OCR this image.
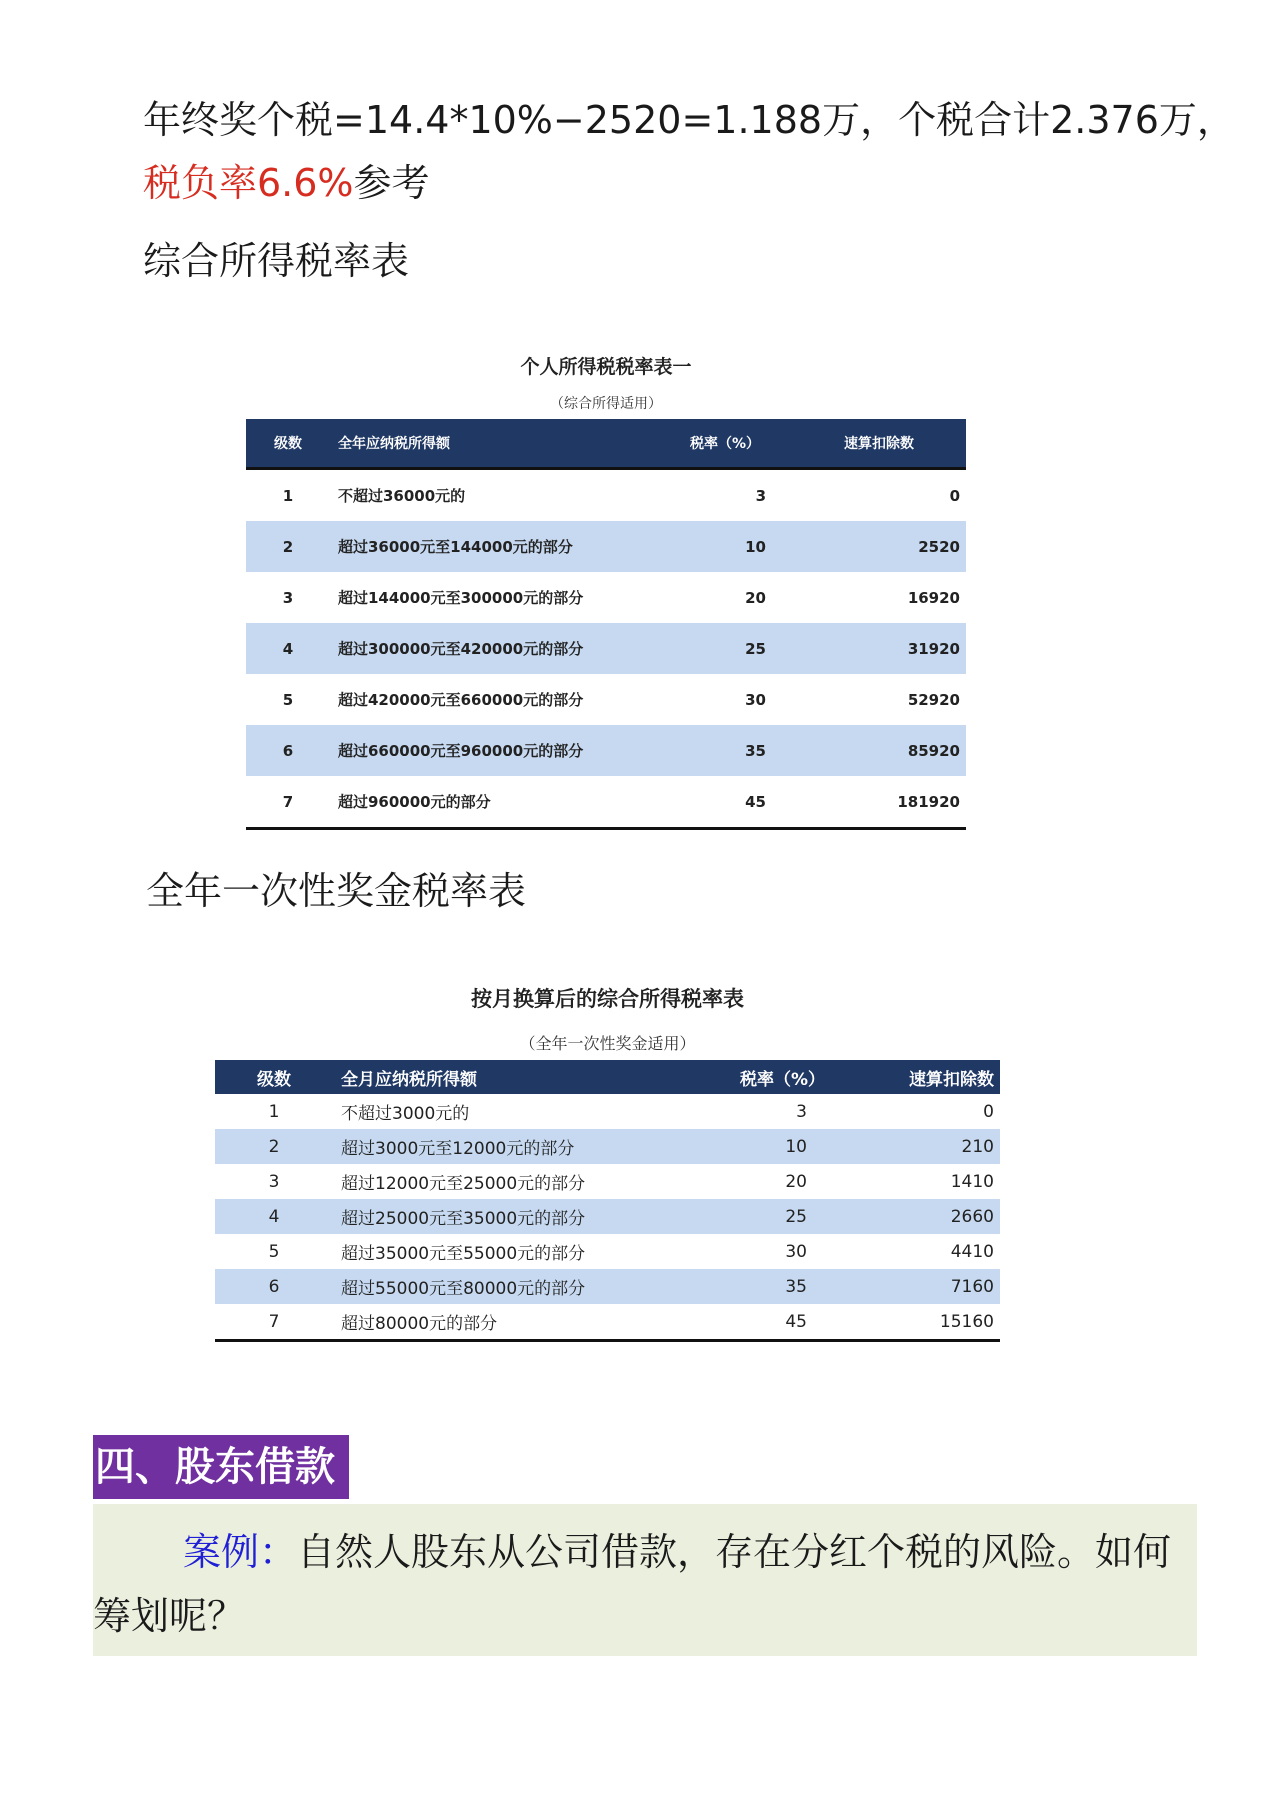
年终奖个税=14.4*10%−2520=1.188万，个税合计2.376万，
税负率6.6%参考
综合所得税率表
个人所得税税率表一
（综合所得适用）
级数	全年应纳税所得额	税率（%）	速算扣除数
1	不超过36000元的	3	0
2	超过36000元至144000元的部分	10	2520
3	超过144000元至300000元的部分	20	16920
4	超过300000元至420000元的部分	25	31920
5	超过420000元至660000元的部分	30	52920
6	超过660000元至960000元的部分	35	85920
7	超过960000元的部分	45	181920
全年一次性奖金税率表
按月换算后的综合所得税率表
（全年一次性奖金适用）
级数	全月应纳税所得额	税率（%）	速算扣除数
1	不超过3000元的	3	0
2	超过3000元至12000元的部分	10	210
3	超过12000元至25000元的部分	20	1410
4	超过25000元至35000元的部分	25	2660
5	超过35000元至55000元的部分	30	4410
6	超过55000元至80000元的部分	35	7160
7	超过80000元的部分	45	15160
四、股东借款
案例：自然人股东从公司借款，存在分红个税的风险。如何筹划呢？
